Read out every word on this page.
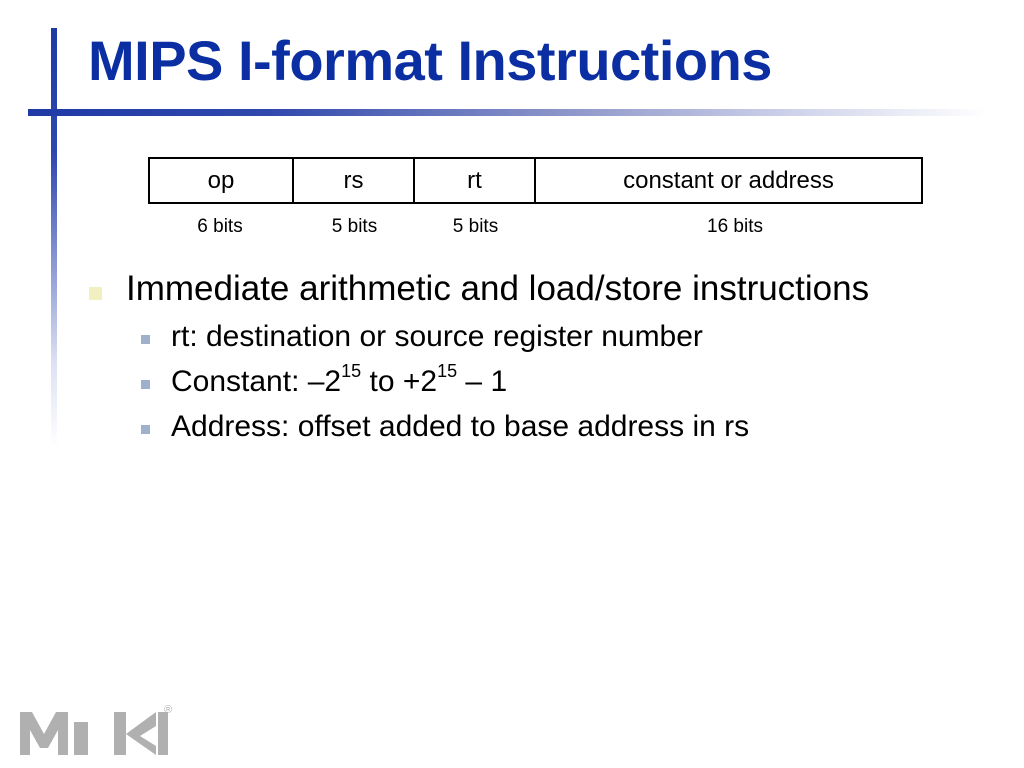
MIPS I-format Instructions
op	rs	rt	constant or address
6 bits	5 bits	5 bits	16 bits
Immediate arithmetic and load/store instructions
rt: destination or source register number
Constant: $-2^{15}$ to $+2^{15} - 1$
Address: offset added to base address in rs
®
